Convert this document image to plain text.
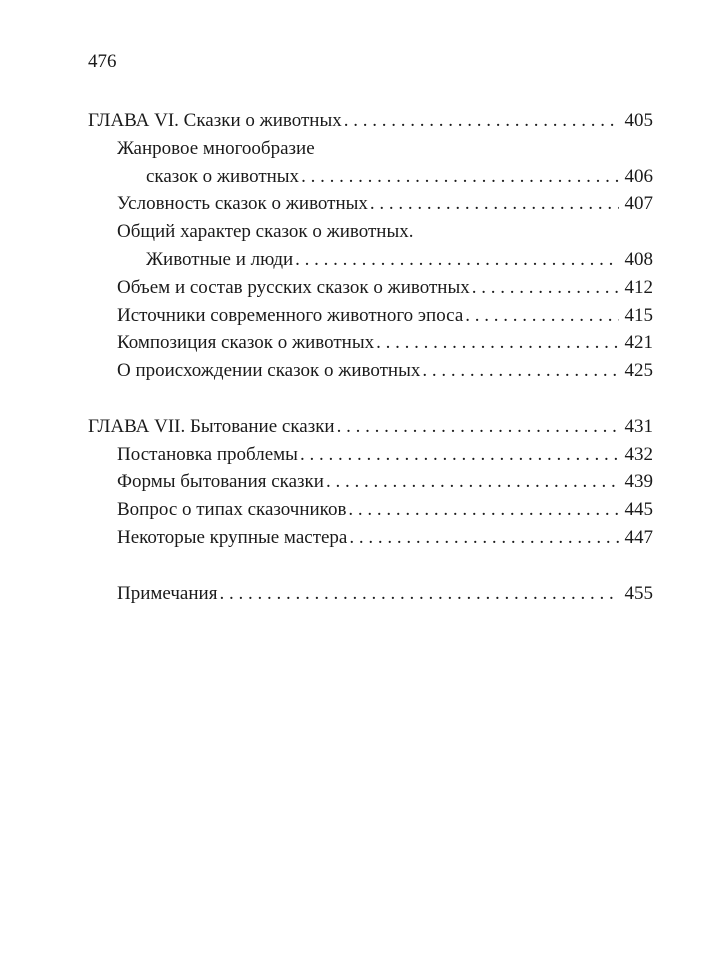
476
ГЛАВА VI. Сказки о животных . . .	405
Жанровое многообразие
сказок о животных . . .	406
Условность сказок о животных . . .	407
Общий характер сказок о животных.
Животные и люди . . .	408
Объем и состав русских сказок о животных . . .	412
Источники современного животного эпоса . . .	415
Композиция сказок о животных . . .	421
О происхождении сказок о животных . . .	425
ГЛАВА VII. Бытование сказки . . .	431
Постановка проблемы . . .	432
Формы бытования сказки . . .	439
Вопрос о типах сказочников . . .	445
Некоторые крупные мастера . . .	447
Примечания . . .	455
